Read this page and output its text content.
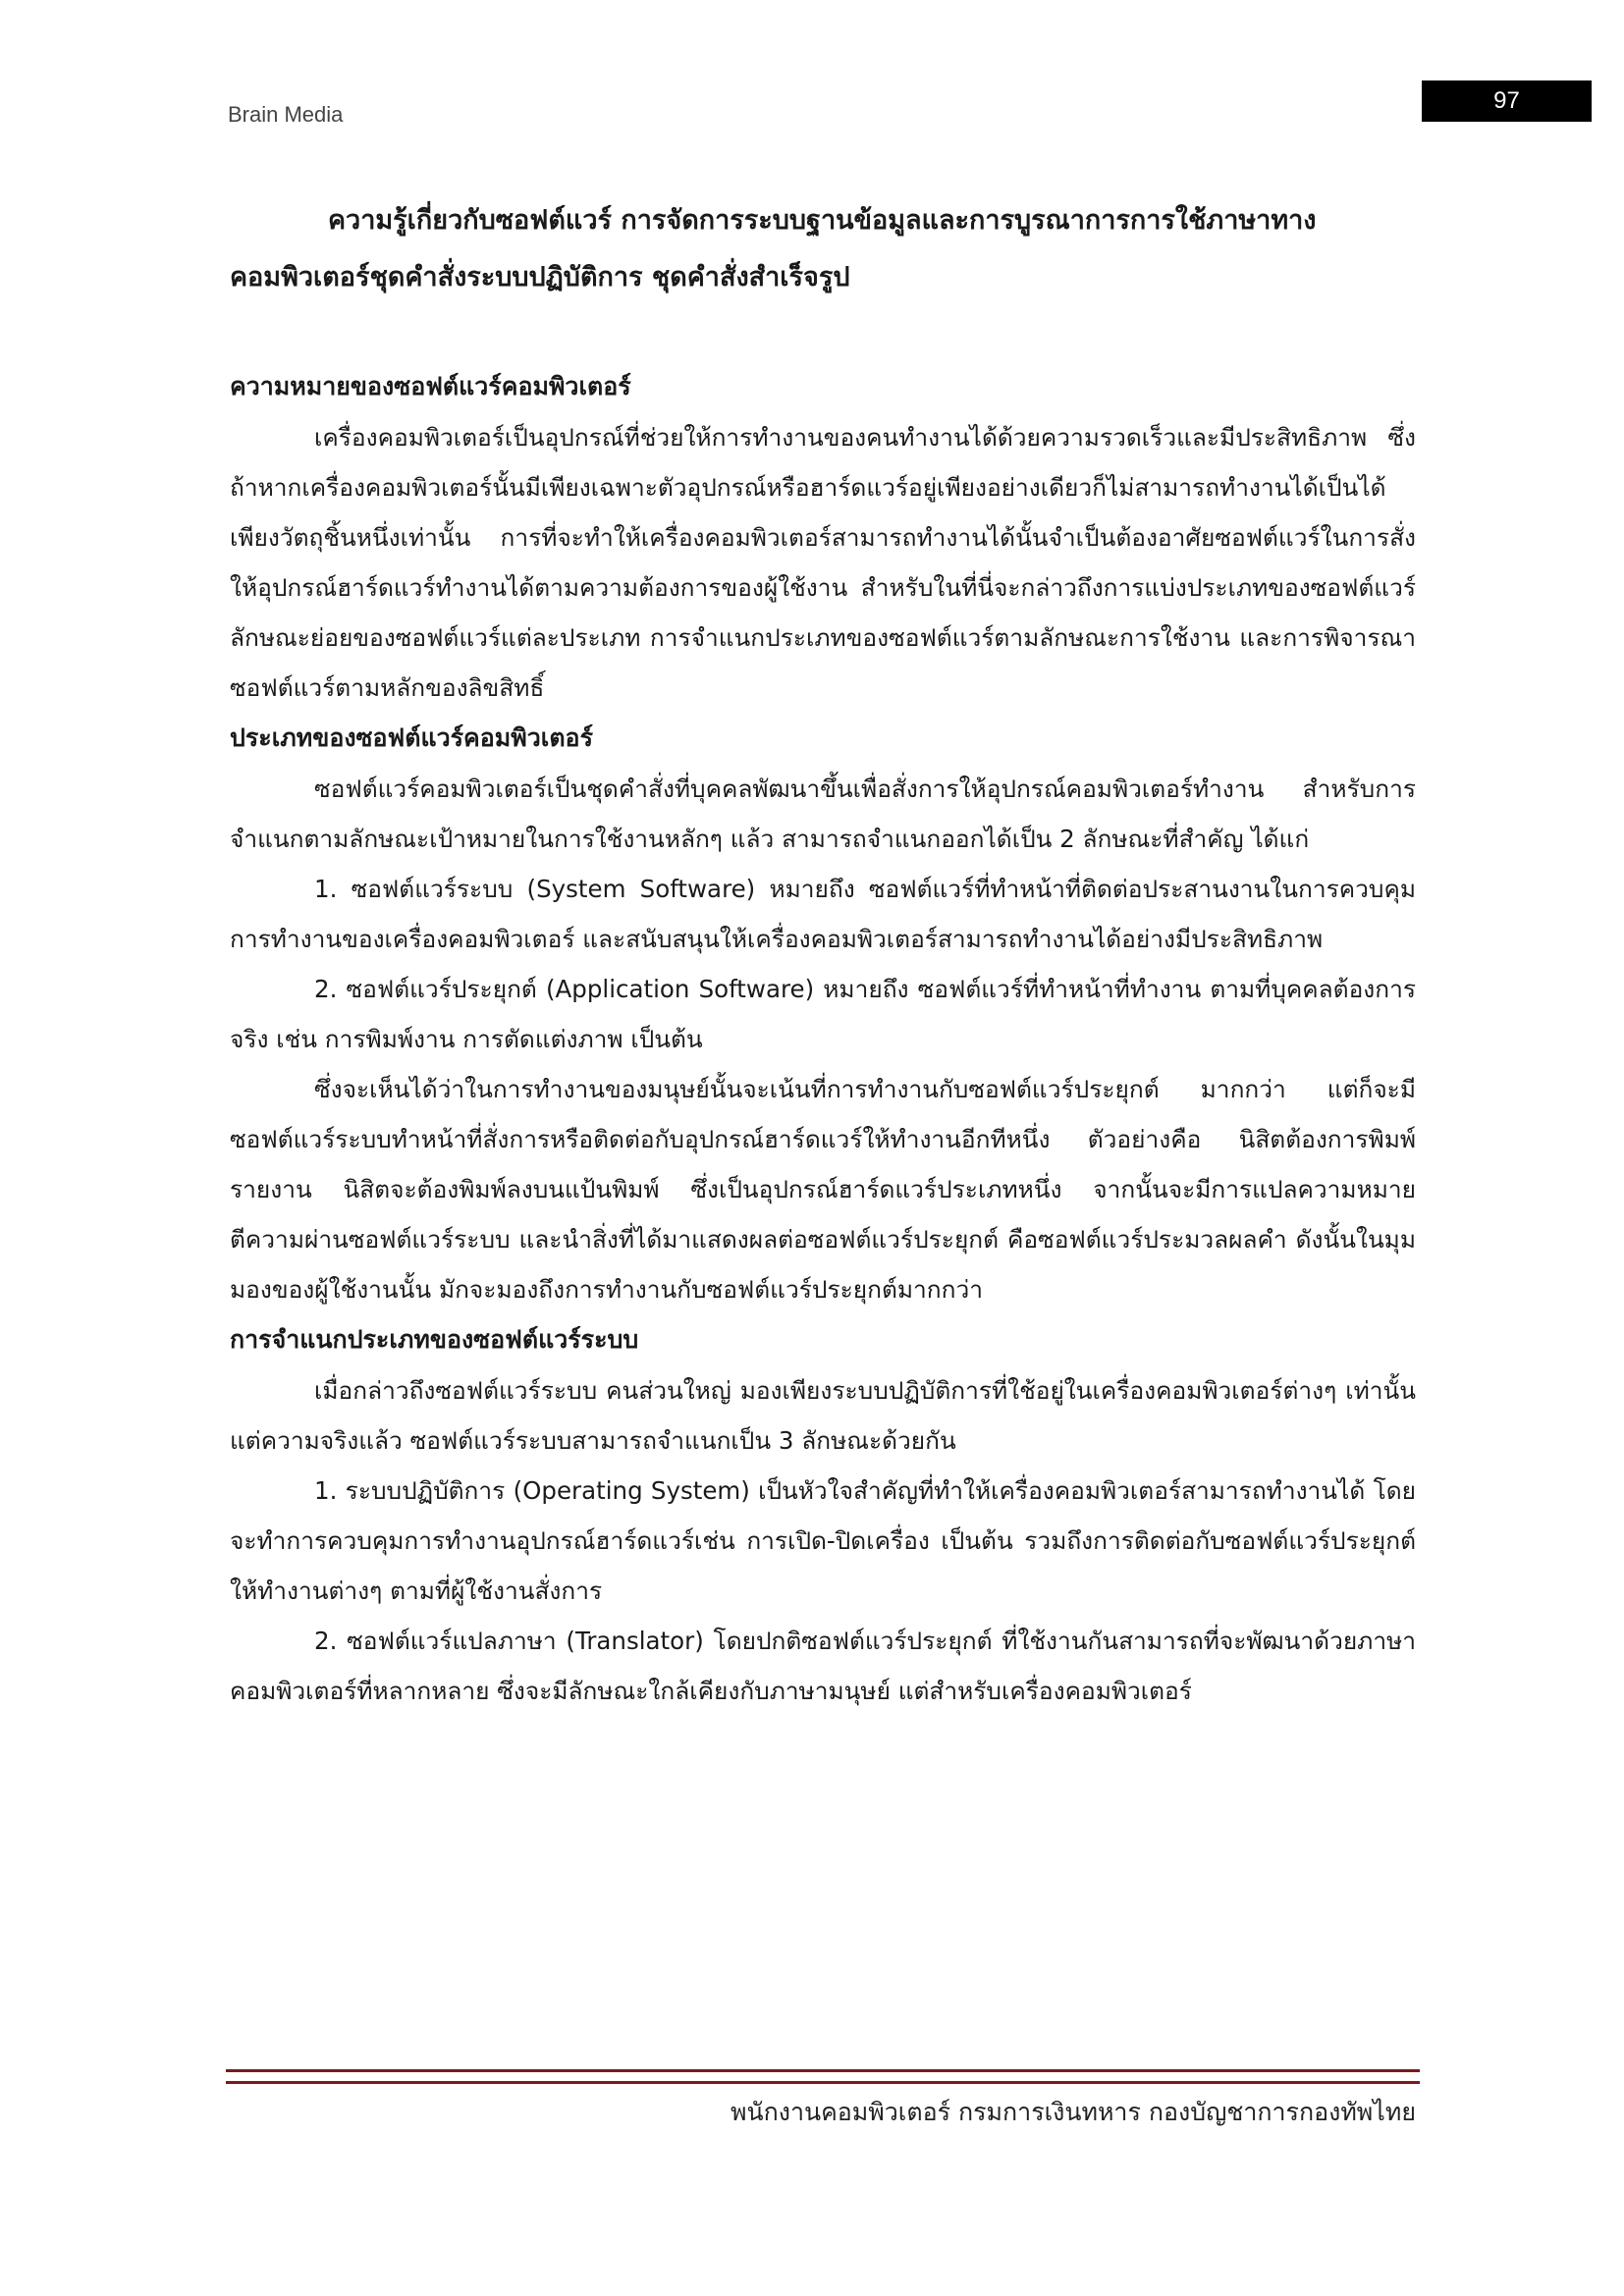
Brain Media
97

ความรู้เกี่ยวกับซอฟต์แวร์ การจัดการระบบฐานข้อมูลและการบูรณาการการใช้ภาษาทางคอมพิวเตอร์ชุดคำสั่งระบบปฏิบัติการ ชุดคำสั่งสำเร็จรูป

ความหมายของซอฟต์แวร์คอมพิวเตอร์

เครื่องคอมพิวเตอร์เป็นอุปกรณ์ที่ช่วยให้การทำงานของคนทำงานได้ด้วยความรวดเร็วและมีประสิทธิภาพ ซึ่งถ้าหากเครื่องคอมพิวเตอร์นั้นมีเพียงเฉพาะตัวอุปกรณ์หรือฮาร์ดแวร์อยู่เพียงอย่างเดียวก็ไม่สามารถทำงานได้เป็นได้เพียงวัตถุชิ้นหนึ่งเท่านั้น การที่จะทำให้เครื่องคอมพิวเตอร์สามารถทำงานได้นั้นจำเป็นต้องอาศัยซอฟต์แวร์ในการสั่งให้อุปกรณ์ฮาร์ดแวร์ทำงานได้ตามความต้องการของผู้ใช้งาน สำหรับในที่นี่จะกล่าวถึงการแบ่งประเภทของซอฟต์แวร์ ลักษณะย่อยของซอฟต์แวร์แต่ละประเภท การจำแนกประเภทของซอฟต์แวร์ตามลักษณะการใช้งาน และการพิจารณาซอฟต์แวร์ตามหลักของลิขสิทธิ์

ประเภทของซอฟต์แวร์คอมพิวเตอร์

ซอฟต์แวร์คอมพิวเตอร์เป็นชุดคำสั่งที่บุคคลพัฒนาขึ้นเพื่อสั่งการให้อุปกรณ์คอมพิวเตอร์ทำงาน สำหรับการจำแนกตามลักษณะเป้าหมายในการใช้งานหลักๆ แล้ว สามารถจำแนกออกได้เป็น 2 ลักษณะที่สำคัญ ได้แก่

1. ซอฟต์แวร์ระบบ (System Software) หมายถึง ซอฟต์แวร์ที่ทำหน้าที่ติดต่อประสานงานในการควบคุมการทำงานของเครื่องคอมพิวเตอร์ และสนับสนุนให้เครื่องคอมพิวเตอร์สามารถทำงานได้อย่างมีประสิทธิภาพ

2. ซอฟต์แวร์ประยุกต์ (Application Software) หมายถึง ซอฟต์แวร์ที่ทำหน้าที่ทำงาน ตามที่บุคคลต้องการจริง เช่น การพิมพ์งาน การตัดแต่งภาพ เป็นต้น

ซึ่งจะเห็นได้ว่าในการทำงานของมนุษย์นั้นจะเน้นที่การทำงานกับซอฟต์แวร์ประยุกต์ มากกว่า แต่ก็จะมีซอฟต์แวร์ระบบทำหน้าที่สั่งการหรือติดต่อกับอุปกรณ์ฮาร์ดแวร์ให้ทำงานอีกทีหนึ่ง ตัวอย่างคือ นิสิตต้องการพิมพ์รายงาน นิสิตจะต้องพิมพ์ลงบนแป้นพิมพ์ ซึ่งเป็นอุปกรณ์ฮาร์ดแวร์ประเภทหนึ่ง จากนั้นจะมีการแปลความหมายตีความผ่านซอฟต์แวร์ระบบ และนำสิ่งที่ได้มาแสดงผลต่อซอฟต์แวร์ประยุกต์ คือซอฟต์แวร์ประมวลผลคำ ดังนั้นในมุมมองของผู้ใช้งานนั้น มักจะมองถึงการทำงานกับซอฟต์แวร์ประยุกต์มากกว่า

การจำแนกประเภทของซอฟต์แวร์ระบบ

เมื่อกล่าวถึงซอฟต์แวร์ระบบ คนส่วนใหญ่ มองเพียงระบบปฏิบัติการที่ใช้อยู่ในเครื่องคอมพิวเตอร์ต่างๆ เท่านั้น แต่ความจริงแล้ว ซอฟต์แวร์ระบบสามารถจำแนกเป็น 3 ลักษณะด้วยกัน

1. ระบบปฏิบัติการ (Operating System) เป็นหัวใจสำคัญที่ทำให้เครื่องคอมพิวเตอร์สามารถทำงานได้ โดยจะทำการควบคุมการทำงานอุปกรณ์ฮาร์ดแวร์เช่น การเปิด-ปิดเครื่อง เป็นต้น รวมถึงการติดต่อกับซอฟต์แวร์ประยุกต์ให้ทำงานต่างๆ ตามที่ผู้ใช้งานสั่งการ

2. ซอฟต์แวร์แปลภาษา (Translator) โดยปกติซอฟต์แวร์ประยุกต์ ที่ใช้งานกันสามารถที่จะพัฒนาด้วยภาษาคอมพิวเตอร์ที่หลากหลาย ซึ่งจะมีลักษณะใกล้เคียงกับภาษามนุษย์ แต่สำหรับเครื่องคอมพิวเตอร์

พนักงานคอมพิวเตอร์ กรมการเงินทหาร กองบัญชาการกองทัพไทย
